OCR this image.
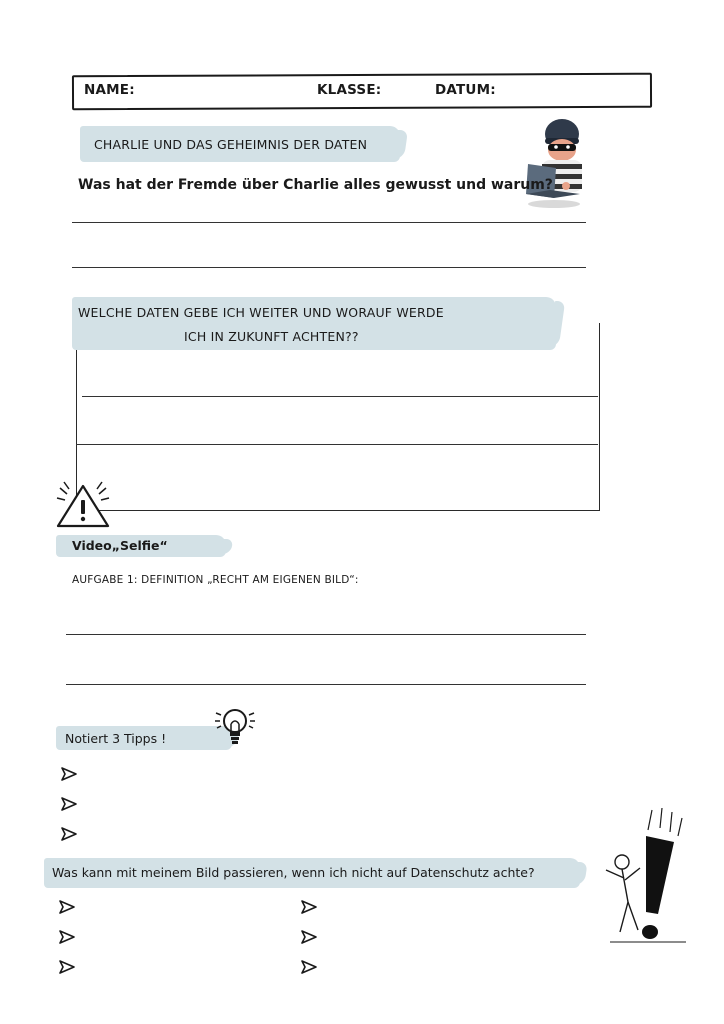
NAME:	KLASSE:	DATUM:
CHARLIE UND DAS GEHEIMNIS DER DATEN
Was hat der Fremde über Charlie alles gewusst und warum?
WELCHE DATEN GEBE ICH WEITER UND WORAUF WERDE
ICH IN ZUKUNFT ACHTEN??
Video„Selfie“
AUFGABE 1: DEFINITION „RECHT AM EIGENEN BILD“:
Notiert 3 Tipps !
Was kann mit meinem Bild passieren, wenn ich nicht auf Datenschutz achte?
